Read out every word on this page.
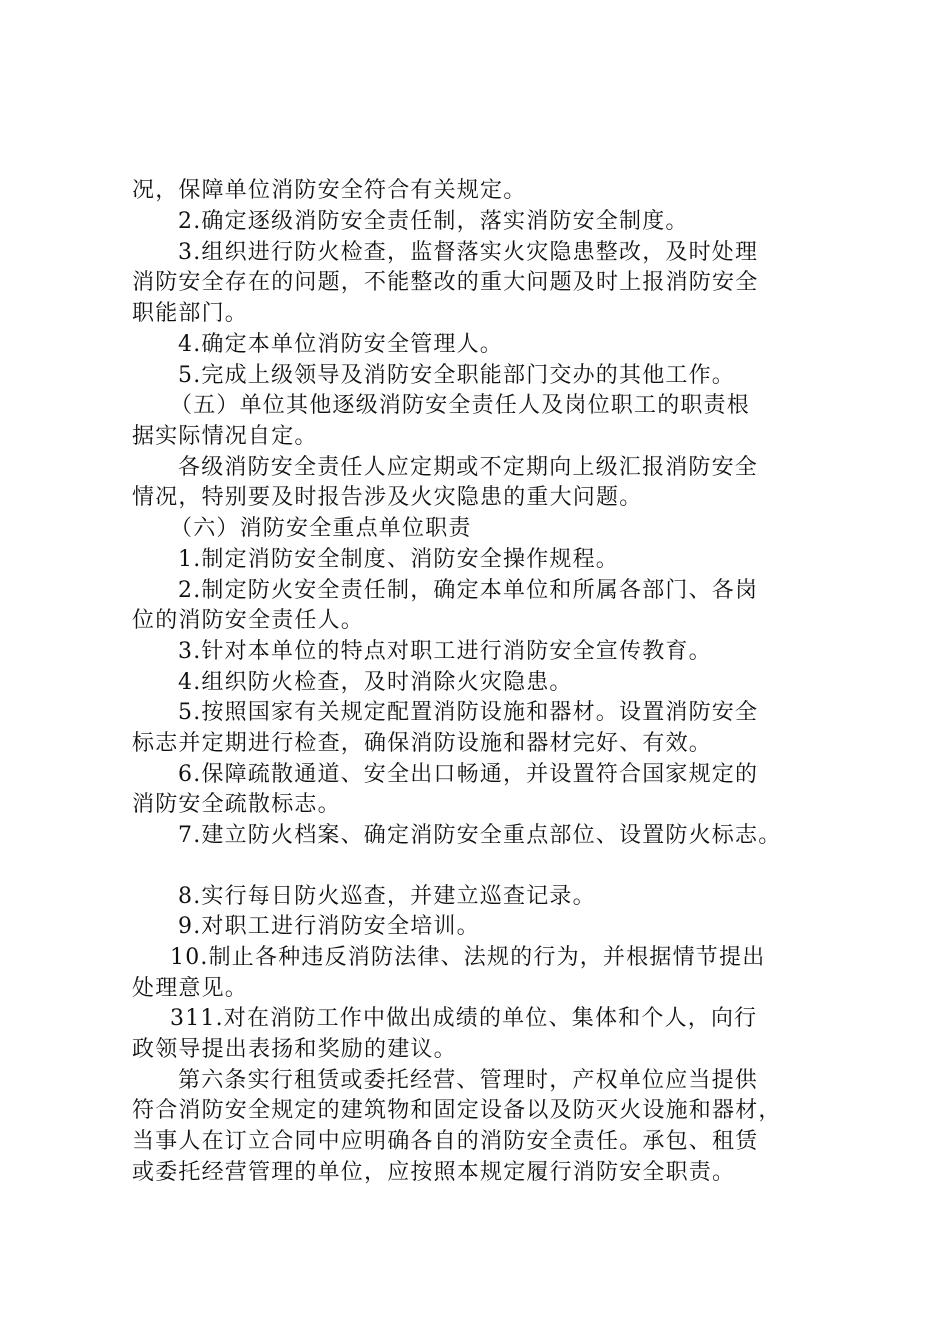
况，保障单位消防安全符合有关规定。
2.确定逐级消防安全责任制，落实消防安全制度。
3.组织进行防火检查，监督落实火灾隐患整改，及时处理
消防安全存在的问题，不能整改的重大问题及时上报消防安全
职能部门。
4.确定本单位消防安全管理人。
5.完成上级领导及消防安全职能部门交办的其他工作。
（五）单位其他逐级消防安全责任人及岗位职工的职责根
据实际情况自定。
各级消防安全责任人应定期或不定期向上级汇报消防安全
情况，特别要及时报告涉及火灾隐患的重大问题。
（六）消防安全重点单位职责
1.制定消防安全制度、消防安全操作规程。
2.制定防火安全责任制，确定本单位和所属各部门、各岗
位的消防安全责任人。
3.针对本单位的特点对职工进行消防安全宣传教育。
4.组织防火检查，及时消除火灾隐患。
5.按照国家有关规定配置消防设施和器材。设置消防安全
标志并定期进行检查，确保消防设施和器材完好、有效。
6.保障疏散通道、安全出口畅通，并设置符合国家规定的
消防安全疏散标志。
7.建立防火档案、确定消防安全重点部位、设置防火标志。
8.实行每日防火巡查，并建立巡查记录。
9.对职工进行消防安全培训。
10.制止各种违反消防法律、法规的行为，并根据情节提出
处理意见。
311.对在消防工作中做出成绩的单位、集体和个人，向行
政领导提出表扬和奖励的建议。
第六条实行租赁或委托经营、管理时，产权单位应当提供
符合消防安全规定的建筑物和固定设备以及防灭火设施和器材，
当事人在订立合同中应明确各自的消防安全责任。承包、租赁
或委托经营管理的单位，应按照本规定履行消防安全职责。
